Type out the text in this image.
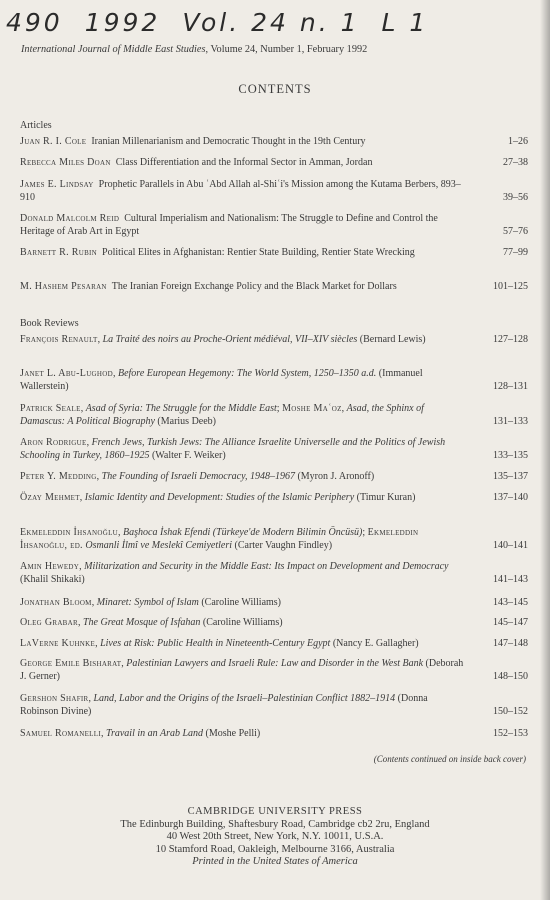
490 1992 Vol. 24 n. 1 L 1
International Journal of Middle East Studies, Volume 24, Number 1, February 1992
CONTENTS
Articles
Juan R. I. Cole Iranian Millenarianism and Democratic Thought in the 19th Century	1–26
Rebecca Miles Doan Class Differentiation and the Informal Sector in Amman, Jordan	27–38
James E. Lindsay Prophetic Parallels in Abu ʿAbd Allah al-Shiʿi's Mission among the Kutama Berbers, 893–910	39–56
Donald Malcolm Reid Cultural Imperialism and Nationalism: The Struggle to Define and Control the Heritage of Arab Art in Egypt	57–76
Barnett R. Rubin Political Elites in Afghanistan: Rentier State Building, Rentier State Wrecking	77–99
M. Hashem Pesaran The Iranian Foreign Exchange Policy and the Black Market for Dollars	101–125
Book Reviews
François Renault, La Traité des noirs au Proche-Orient médiéval, VII–XIV siècles (Bernard Lewis)	127–128
Janet L. Abu-Lughod, Before European Hegemony: The World System, 1250–1350 a.d. (Immanuel Wallerstein)	128–131
Patrick Seale, Asad of Syria: The Struggle for the Middle East; Moshe Maʿoz, Asad, the Sphinx of Damascus: A Political Biography (Marius Deeb)	131–133
Aron Rodrigue, French Jews, Turkish Jews: The Alliance Israelite Universelle and the Politics of Jewish Schooling in Turkey, 1860–1925 (Walter F. Weiker)	133–135
Peter Y. Medding, The Founding of Israeli Democracy, 1948–1967 (Myron J. Aronoff)	135–137
Özay Mehmet, Islamic Identity and Development: Studies of the Islamic Periphery (Timur Kuran)	137–140
Ekmeleddin İhsanoğlu, Başhoca İshak Efendi (Türkeye'de Modern Bilimin Öncüsü); Ekmeleddin İhsanoğlu, ed. Osmanli İlmî ve Meslekî Cemiyetleri (Carter Vaughn Findley)	140–141
Amin Hewedy, Militarization and Security in the Middle East: Its Impact on Development and Democracy (Khalil Shikaki)	141–143
Jonathan Bloom, Minaret: Symbol of Islam (Caroline Williams)	143–145
Oleg Grabar, The Great Mosque of Isfahan (Caroline Williams)	145–147
LaVerne Kuhnke, Lives at Risk: Public Health in Nineteenth-Century Egypt (Nancy E. Gallagher)	147–148
George Emile Bisharat, Palestinian Lawyers and Israeli Rule: Law and Disorder in the West Bank (Deborah J. Gerner)	148–150
Gershon Shafir, Land, Labor and the Origins of the Israeli–Palestinian Conflict 1882–1914 (Donna Robinson Divine)	150–152
Samuel Romanelli, Travail in an Arab Land (Moshe Pelli)	152–153
(Contents continued on inside back cover)
CAMBRIDGE UNIVERSITY PRESS
The Edinburgh Building, Shaftesbury Road, Cambridge cb2 2ru, England
40 West 20th Street, New York, N.Y. 10011, U.S.A.
10 Stamford Road, Oakleigh, Melbourne 3166, Australia
Printed in the United States of America
